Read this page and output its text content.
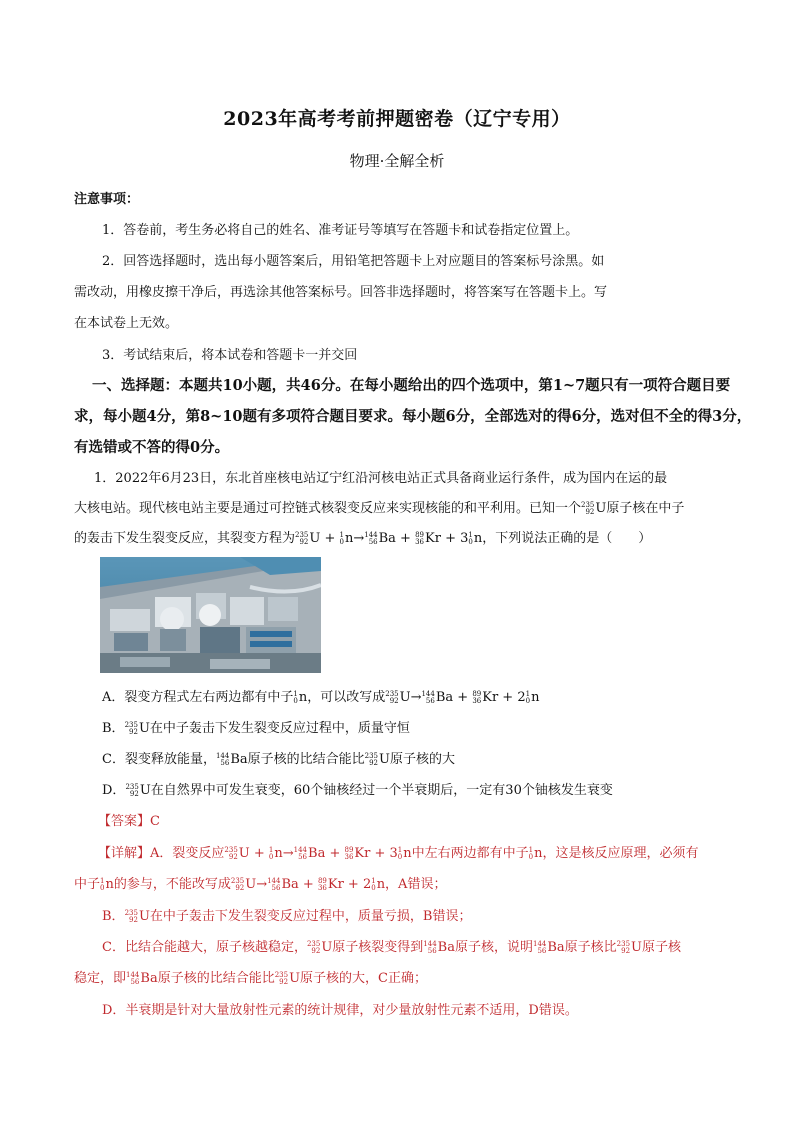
2023年高考考前押题密卷（辽宁专用）
物理·全解全析
注意事项：
1．答卷前，考生务必将自己的姓名、准考证号等填写在答题卡和试卷指定位置上。
2．回答选择题时，选出每小题答案后，用铅笔把答题卡上对应题目的答案标号涂黑。如
需改动，用橡皮擦干净后，再选涂其他答案标号。回答非选择题时，将答案写在答题卡上。写
在本试卷上无效。
3．考试结束后，将本试卷和答题卡一并交回
一、选择题：本题共10小题，共46分。在每小题给出的四个选项中，第1~7题只有一项符合题目要
求，每小题4分，第8~10题有多项符合题目要求。每小题6分，全部选对的得6分，选对但不全的得3分，
有选错或不答的得0分。
1．2022年6月23日，东北首座核电站辽宁红沿河核电站正式具备商业运行条件，成为国内在运的最
大核电站。现代核电站主要是通过可控链式核裂变反应来实现核能的和平利用。已知一个 235
92 U原子核在中子
的轰击下发生裂变反应，其裂变方程为 235
92 U + 1
0 n→ 144
56 Ba + 89
36 Kr + 3 1
0 n，下列说法正确的是（　　）
A．裂变方程式左右两边都有中子 1
0 n，可以改写成 235
92 U→ 144
56 Ba + 89
36 Kr + 2 1
0 n
B． 235
92 U在中子轰击下发生裂变反应过程中，质量守恒
C．裂变释放能量， 144
56 Ba原子核的比结合能比 235
92 U原子核的大
D． 235
92 U在自然界中可发生衰变，60个铀核经过一个半衰期后，一定有30个铀核发生衰变
【答案】C
【详解】A．裂变反应 235
92 U + 1
0 n→ 144
56 Ba + 89
36 Kr + 3 1
0 n中左右两边都有中子 1
0 n，这是核反应原理，必须有
中子 1
0 n的参与，不能改写成 235
92 U→ 144
56 Ba + 89
36 Kr + 2 1
0 n，A错误；
B． 235
92 U在中子轰击下发生裂变反应过程中，质量亏损，B错误；
C．比结合能越大，原子核越稳定， 235
92 U原子核裂变得到 144
56 Ba原子核，说明 144
56 Ba原子核比 235
92 U原子核
稳定，即 144
56 Ba原子核的比结合能比 235
92 U原子核的大，C正确；
D．半衰期是针对大量放射性元素的统计规律，对少量放射性元素不适用，D错误。
